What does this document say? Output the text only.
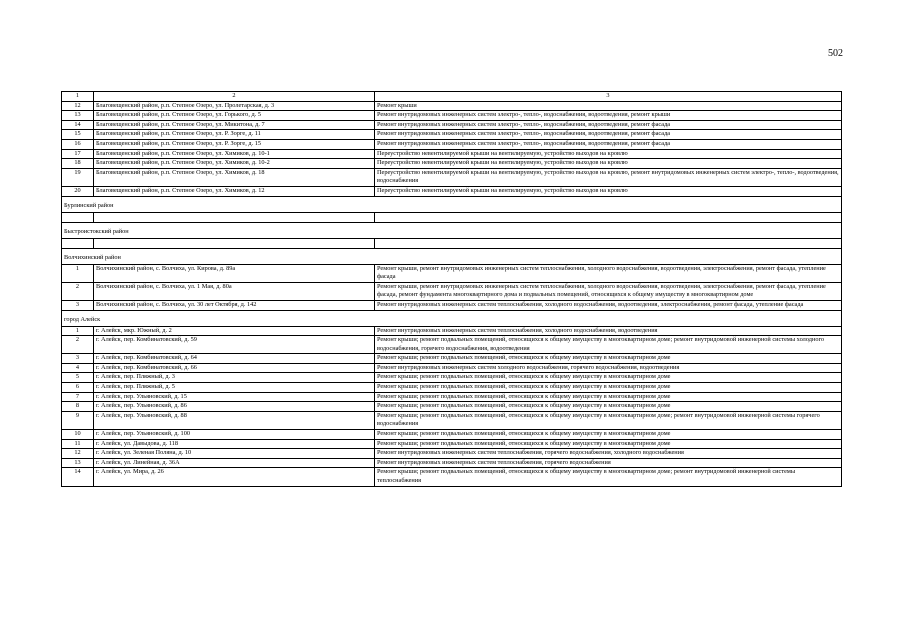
502
1	2	3
12	Благовещенский район, р.п. Степное Озеро, ул. Пролетарская, д. 3	Ремонт крыши
13	Благовещенский район, р.п. Степное Озеро, ул. Горького, д. 5	Ремонт внутридомовых инженерных систем электро-, тепло-, водоснабжения, водоотведения, ремонт крыши
14	Благовещенский район, р.п. Степное Озеро, ул. Микитона, д. 7	Ремонт внутридомовых инженерных систем электро-, тепло-, водоснабжения, водоотведения, ремонт фасада
15	Благовещенский район, р.п. Степное Озеро, ул. Р. Зорге, д. 11	Ремонт внутридомовых инженерных систем электро-, тепло-, водоснабжения, водоотведения, ремонт фасада
16	Благовещенский район, р.п. Степное Озеро, ул. Р. Зорге, д. 15	Ремонт внутридомовых инженерных систем электро-, тепло-, водоснабжения, водоотведения, ремонт фасада
17	Благовещенский район, р.п. Степное Озеро, ул. Химиков, д. 10-1	Переустройство невентилируемой крыши на вентилируемую, устройство выходов на кровлю
18	Благовещенский район, р.п. Степное Озеро, ул. Химиков, д. 10-2	Переустройство невентилируемой крыши на вентилируемую, устройство выходов на кровлю
19	Благовещенский район, р.п. Степное Озеро, ул. Химиков, д. 18	Переустройство невентилируемой крыши на вентилируемую, устройство выходов на кровлю, ремонт внутридомовых инженерных систем электро-, тепло-, водоотведения, водоснабжения
20	Благовещенский район, р.п. Степное Озеро, ул. Химиков, д. 12	Переустройство невентилируемой крыши на вентилируемую, устройство выходов на кровлю
Бурлинский район		

Быстроистокский район		

Волчихинский район		
1	Волчихинский район, с. Волчиха, ул. Кирова, д. 89а	Ремонт крыши, ремонт внутридомовых инженерных систем теплоснабжения, холодного водоснабжения, водоотведения, электроснабжения, ремонт фасада, утепление фасада
2	Волчихинский район, с. Волчиха, ул. 1 Мая, д. 80а	Ремонт крыши, ремонт внутридомовых инженерных систем теплоснабжения, холодного водоснабжения, водоотведения, электроснабжения, ремонт фасада, утепление фасада, ремонт фундамента многоквартирного дома и подвальных помещений, относящихся к общему имуществу в многоквартирном доме
3	Волчихинский район, с. Волчиха, ул. 30 лет Октября, д. 142	Ремонт внутридомовых инженерных систем теплоснабжения, холодного водоснабжения, водоотведения, электроснабжения, ремонт фасада, утепление фасада
город Алейск		
1	г. Алейск, мкр. Южный, д. 2	Ремонт внутридомовых инженерных систем теплоснабжения, холодного водоснабжения, водоотведения
2	г. Алейск, пер. Комбинатовский, д. 59	Ремонт крыши; ремонт подвальных помещений, относящихся к общему имуществу в многоквартирном доме; ремонт внутридомовой инженерной системы холодного водоснабжения, горячего водоснабжения, водоотведения
3	г. Алейск, пер. Комбинатовский, д. 64	Ремонт крыши; ремонт подвальных помещений, относящихся к общему имуществу в многоквартирном доме
4	г. Алейск, пер. Комбинатовский, д. 66	Ремонт внутридомовых инженерных систем холодного водоснабжения, горячего водоснабжения, водоотведения
5	г. Алейск, пер. Пляжный, д. 3	Ремонт крыши; ремонт подвальных помещений, относящихся к общему имуществу в многоквартирном доме
6	г. Алейск, пер. Пляжный, д. 5	Ремонт крыши; ремонт подвальных помещений, относящихся к общему имуществу в многоквартирном доме
7	г. Алейск, пер. Ульяновский, д. 15	Ремонт крыши; ремонт подвальных помещений, относящихся к общему имуществу в многоквартирном доме
8	г. Алейск, пер. Ульяновский, д. 86	Ремонт крыши; ремонт подвальных помещений, относящихся к общему имуществу в многоквартирном доме
9	г. Алейск, пер. Ульяновский, д. 88	Ремонт крыши; ремонт подвальных помещений, относящихся к общему имуществу в многоквартирном доме; ремонт внутридомовой инженерной системы горячего водоснабжения
10	г. Алейск, пер. Ульяновский, д. 100	Ремонт крыши; ремонт подвальных помещений, относящихся к общему имуществу в многоквартирном доме
11	г. Алейск, ул. Давыдова, д. 118	Ремонт крыши; ремонт подвальных помещений, относящихся к общему имуществу в многоквартирном доме
12	г. Алейск, ул. Зеленая Поляна, д. 10	Ремонт внутридомовых инженерных систем теплоснабжения, горячего водоснабжения, холодного водоснабжения
13	г. Алейск, ул. Линейная, д. 36А	Ремонт внутридомовых инженерных систем теплоснабжения, горячего водоснабжения
14	г. Алейск, ул. Мира, д. 26	Ремонт крыши; ремонт подвальных помещений, относящихся к общему имуществу в многоквартирном доме; ремонт внутридомовой инженерной системы теплоснабжения
